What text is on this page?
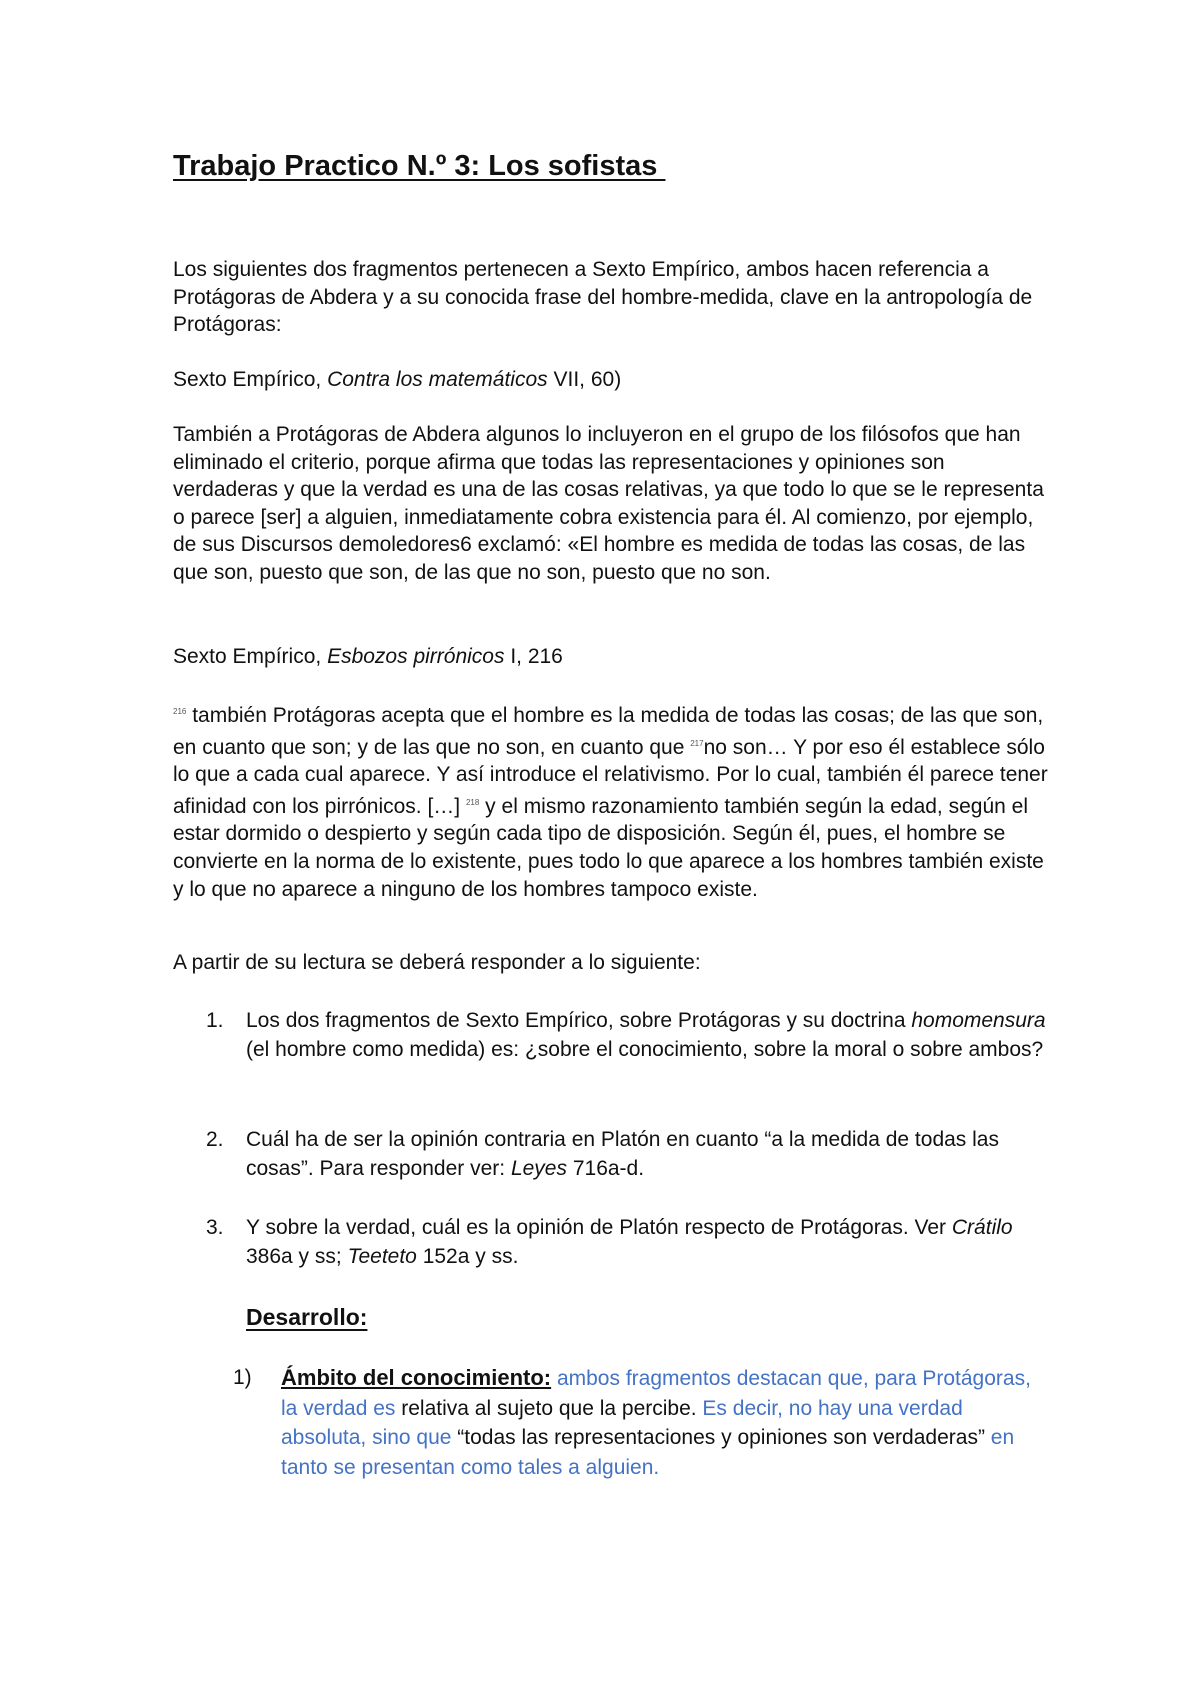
Trabajo Practico N.º 3: Los sofistas
Los siguientes dos fragmentos pertenecen a Sexto Empírico, ambos hacen referencia a Protágoras de Abdera y a su conocida frase del hombre-medida, clave en la antropología de Protágoras:
Sexto Empírico, Contra los matemáticos VII, 60)
También a Protágoras de Abdera algunos lo incluyeron en el grupo de los filósofos que han eliminado el criterio, porque afirma que todas las representaciones y opiniones son verdaderas y que la verdad es una de las cosas relativas, ya que todo lo que se le representa o parece [ser] a alguien, inmediatamente cobra existencia para él. Al comienzo, por ejemplo, de sus Discursos demoledores6 exclamó: «El hombre es medida de todas las cosas, de las que son, puesto que son, de las que no son, puesto que no son.
Sexto Empírico, Esbozos pirrónicos I, 216
$^{216}$ también Protágoras acepta que el hombre es la medida de todas las cosas; de las que son, en cuanto que son; y de las que no son, en cuanto que $^{217}$no son… Y por eso él establece sólo lo que a cada cual aparece. Y así introduce el relativismo. Por lo cual, también él parece tener afinidad con los pirrónicos. […] $^{218}$ y el mismo razonamiento también según la edad, según el estar dormido o despierto y según cada tipo de disposición. Según él, pues, el hombre se convierte en la norma de lo existente, pues todo lo que aparece a los hombres también existe y lo que no aparece a ninguno de los hombres tampoco existe.
A partir de su lectura se deberá responder a lo siguiente:
1. Los dos fragmentos de Sexto Empírico, sobre Protágoras y su doctrina homomensura (el hombre como medida) es: ¿sobre el conocimiento, sobre la moral o sobre ambos?
2. Cuál ha de ser la opinión contraria en Platón en cuanto “a la medida de todas las cosas”. Para responder ver: Leyes 716a-d.
3. Y sobre la verdad, cuál es la opinión de Platón respecto de Protágoras. Ver Crátilo 386a y ss; Teeteto 152a y ss.
Desarrollo:
1) Ámbito del conocimiento: ambos fragmentos destacan que, para Protágoras, la verdad es relativa al sujeto que la percibe. Es decir, no hay una verdad absoluta, sino que “todas las representaciones y opiniones son verdaderas” en tanto se presentan como tales a alguien.
